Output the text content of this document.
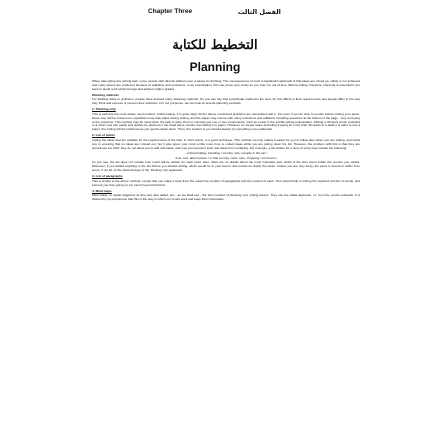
Chapter Three	الفصل الثالث
التخطيط للكتابة
Planning

When attempting any writing task, some people start directly without even a pause for thinking. The consequences of such a haphazard approach is that ideas are mixed up, clarity is not achieved and many pieces are produced because of additions and omissions. In an examination, this can prove very costly as you may run out of time. Before writing, therefore, planning is essential if you want to avoid such shortcomings and achieve higher grades.

Planning methods

For tackling tasks or problems, people have devised many planning methods. No one can say that a particular method is the best, for this differs in their requirements and people differ in the way they think and express or present their solutions. For our purposes, we can look at several planning methods.

1- Thinking only

This is perhaps the most widely used method. Unfortunately, it is quite risky! All the above mentioned problems are associated with it. For even if you do stop to ponder before writing your piece, ideas may still be missed out, repetitions may take place during writing, and the paper may end up with many omissions and additions including questions at the bottom of the page - very annoying to the examiner. This method may be used when the task is quite short or consists just one or two components, such as a task in the GCSE writing examination. Writing a 30-word email, postcard or a short note can easily and quickly be planned in the head alone, before committing it to paper. However, for longer tasks (including if going for more than 30 words in a task) it is safer to use a paper, the writing will feel cluttered as you get the ideas down. Then, the content is you should always try something more elaborate.

2- List of points

Listing the ideas that are suitable for the requirements of the task, in short points, is a good technique. This method not only makes it easier for you to follow later when you are writing, and helps you in ensuring that no ideas are missed out, but it also gives your mind a little more time to collect ideas while you are jotting down the list. However, the problem with this is that they are sometimes too brief: they do not allow you to add sub-ideas, and may even prevent such sub-ideas from surfacing. For example, a list written for a story of a trip may include the following:

- school holiday, travelling / country, why / people in the trip /
time, bus, airport plane / in that country, visits, trips, shopping / conclusion

As you see, the list does not include how much will be written for each point. Also, there are no details about the most important part, which is the time spent inside the country you visited. Moreover, if you added anything to the list before you started writing, which would be in your favour, this would not clarify the ideas. Unless you are very lucky, the piece is bound to suffer from some, if not all, of the shortcomings of the 'thinking only' approach.

3- List of paragraphs

This is similar to the above method, except that you make it clear from the outset the number of paragraphs and the content of each. This should help in writing the required number of words, and prevent you from going on too much beyond that limit.

4- Mind maps

Mind maps, or spider diagrams as they are also called, are - as we shall see - the best method of planning your writing pieces. They use the radial approach, i.e. from the centre outwards. It is claimed by its proponents that this is the way in which our minds work and keep their information.
